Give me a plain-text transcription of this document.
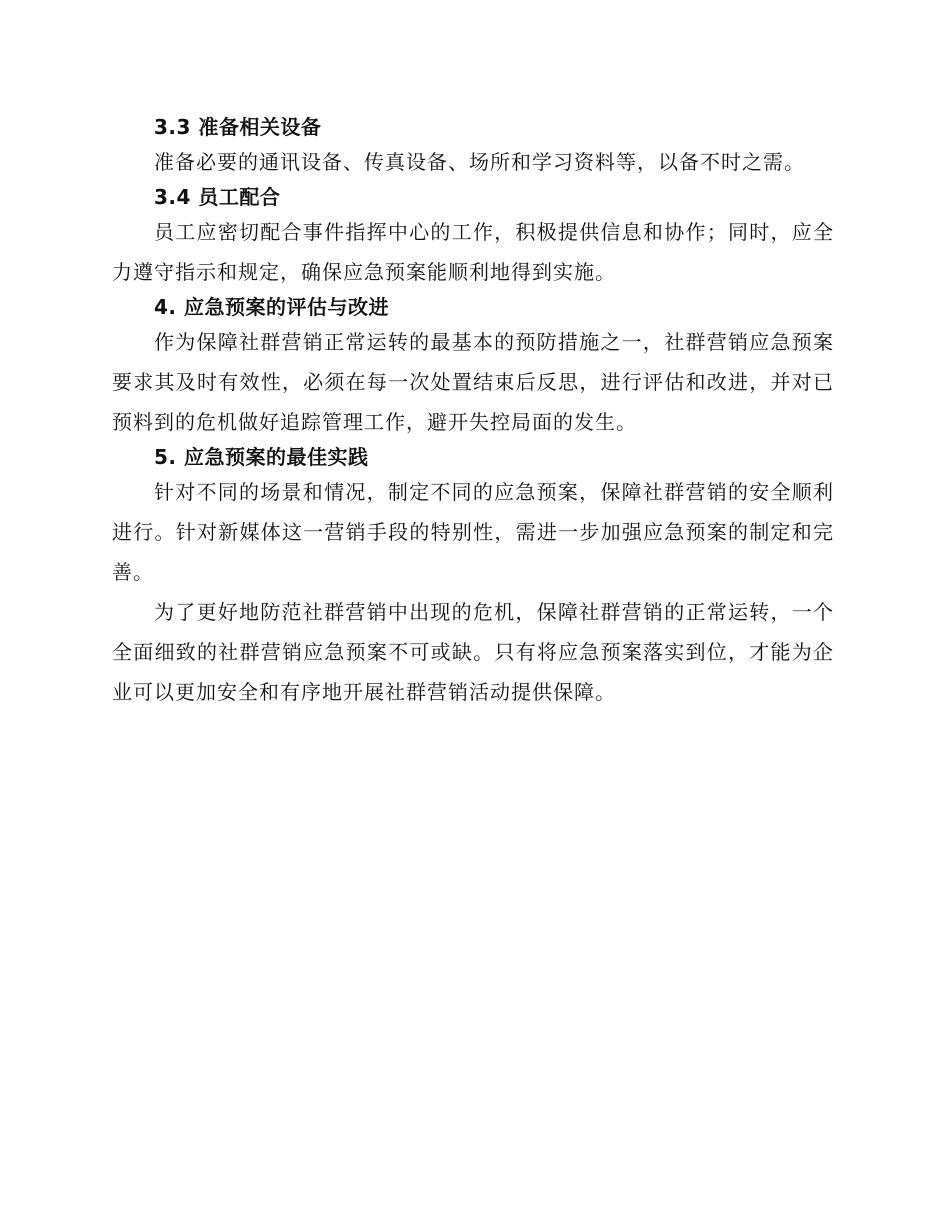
3.3 准备相关设备

准备必要的通讯设备、传真设备、场所和学习资料等，以备不时之需。

3.4 员工配合

员工应密切配合事件指挥中心的工作，积极提供信息和协作；同时，应全力遵守指示和规定，确保应急预案能顺利地得到实施。

4. 应急预案的评估与改进

作为保障社群营销正常运转的最基本的预防措施之一，社群营销应急预案要求其及时有效性，必须在每一次处置结束后反思，进行评估和改进，并对已预料到的危机做好追踪管理工作，避开失控局面的发生。

5. 应急预案的最佳实践

针对不同的场景和情况，制定不同的应急预案，保障社群营销的安全顺利进行。针对新媒体这一营销手段的特别性，需进一步加强应急预案的制定和完善。

为了更好地防范社群营销中出现的危机，保障社群营销的正常运转，一个全面细致的社群营销应急预案不可或缺。只有将应急预案落实到位，才能为企业可以更加安全和有序地开展社群营销活动提供保障。
